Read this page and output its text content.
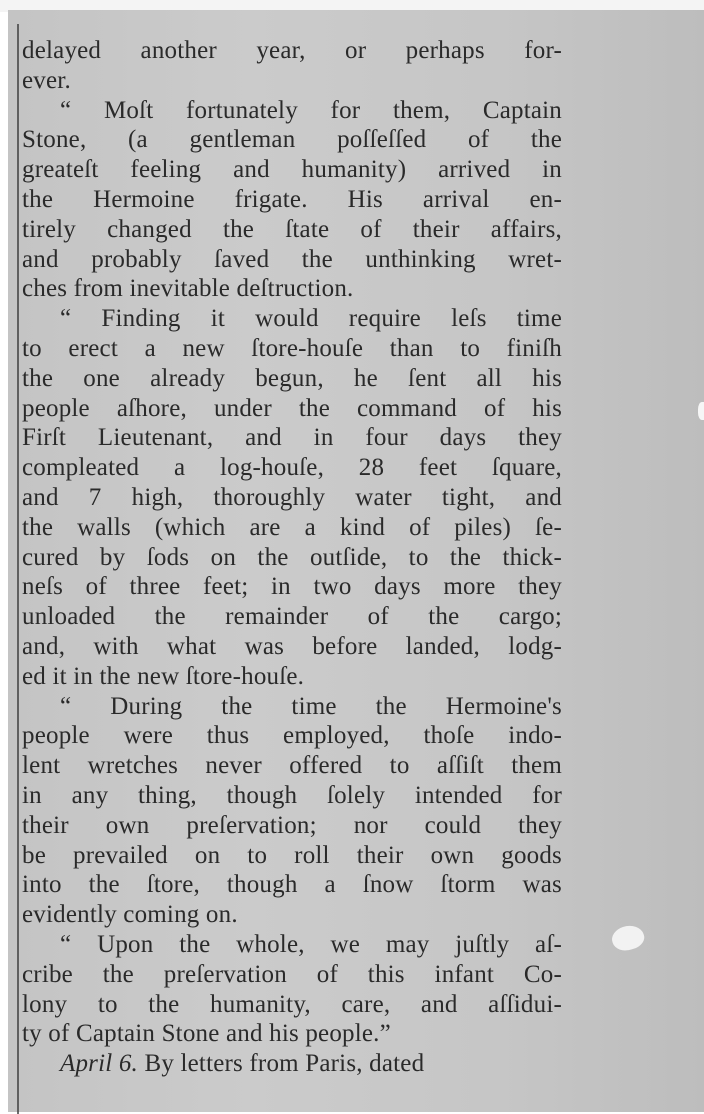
delayed another year, or perhaps for-
ever.
“ Moſt fortunately for them, Captain
Stone, (a gentleman poſſeſſed of the
greateſt feeling and humanity) arrived in
the Hermoine frigate. His arrival en-
tirely changed the ſtate of their affairs,
and probably ſaved the unthinking wret-
ches from inevitable deſtruction.
“ Finding it would require leſs time
to erect a new ſtore-houſe than to finiſh
the one already begun, he ſent all his
people aſhore, under the command of his
Firſt Lieutenant, and in four days they
compleated a log-houſe, 28 feet ſquare,
and 7 high, thoroughly water tight, and
the walls (which are a kind of piles) ſe-
cured by ſods on the outſide, to the thick-
neſs of three feet; in two days more they
unloaded the remainder of the cargo;
and, with what was before landed, lodg-
ed it in the new ſtore-houſe.
“ During the time the Hermoine's
people were thus employed, thoſe indo-
lent wretches never offered to aſſiſt them
in any thing, though ſolely intended for
their own preſervation; nor could they
be prevailed on to roll their own goods
into the ſtore, though a ſnow ſtorm was
evidently coming on.
“ Upon the whole, we may juſtly aſ-
cribe the preſervation of this infant Co-
lony to the humanity, care, and aſſidui-
ty of Captain Stone and his people.”
April 6. By letters from Paris, dated
